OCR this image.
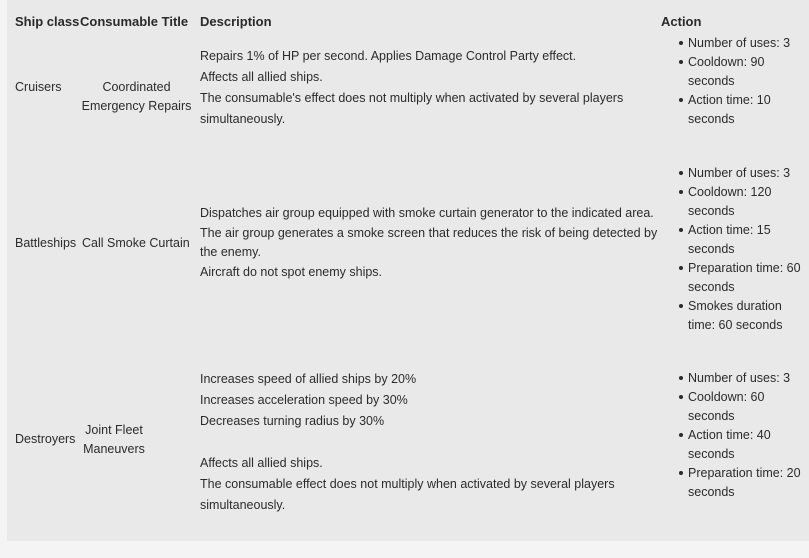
Ship class Consumable Title Description	Action
Cruisers	Coordinated Emergency Repairs

Repairs 1% of HP per second. Applies Damage Control Party effect.

Affects all allied ships.

The consumable's effect does not multiply when activated by several players simultaneously.

Number of uses: 3
Cooldown: 90 seconds
Action time: 10 seconds
Battleships Call Smoke Curtain

Dispatches air group equipped with smoke curtain generator to the indicated area.

The air group generates a smoke screen that reduces the risk of being detected by the enemy.

Aircraft do not spot enemy ships.

Number of uses: 3
Cooldown: 120 seconds
Action time: 15 seconds
Preparation time: 60 seconds
Smokes duration time: 60 seconds
Destroyers
Joint Fleet Maneuvers

Increases speed of allied ships by 20%

Increases acceleration speed by 30%

Decreases turning radius by 30%

Affects all allied ships.

The consumable effect does not multiply when activated by several players simultaneously.

Number of uses: 3
Cooldown: 60 seconds
Action time: 40 seconds
Preparation time: 20 seconds
